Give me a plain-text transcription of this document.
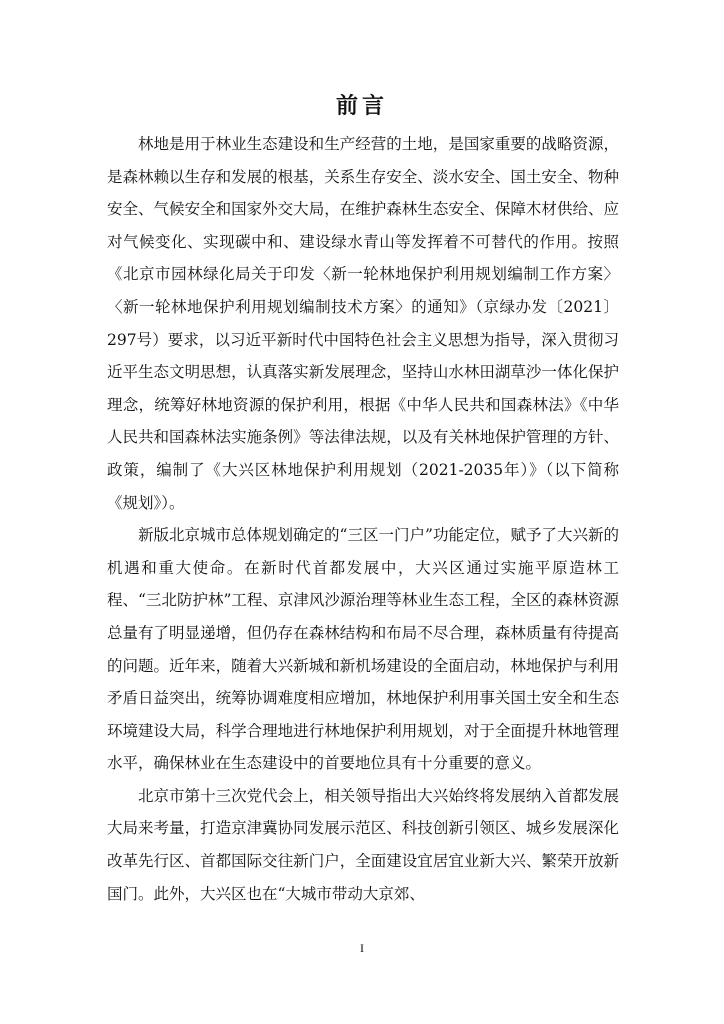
前言

林地是用于林业生态建设和生产经营的土地，是国家重要的战略资源，是森林赖以生存和发展的根基，关系生存安全、淡水安全、国土安全、物种安全、气候安全和国家外交大局，在维护森林生态安全、保障木材供给、应对气候变化、实现碳中和、建设绿水青山等发挥着不可替代的作用。按照《北京市园林绿化局关于印发〈新一轮林地保护利用规划编制工作方案〉〈新一轮林地保护利用规划编制技术方案〉的通知》（京绿办发〔2021〕297号）要求，以习近平新时代中国特色社会主义思想为指导，深入贯彻习近平生态文明思想，认真落实新发展理念，坚持山水林田湖草沙一体化保护理念，统筹好林地资源的保护利用，根据《中华人民共和国森林法》《中华人民共和国森林法实施条例》等法律法规，以及有关林地保护管理的方针、政策，编制了《大兴区林地保护利用规划（2021-2035年）》（以下简称《规划》）。

新版北京城市总体规划确定的“三区一门户”功能定位，赋予了大兴新的机遇和重大使命。在新时代首都发展中，大兴区通过实施平原造林工程、“三北防护林”工程、京津风沙源治理等林业生态工程，全区的森林资源总量有了明显递增，但仍存在森林结构和布局不尽合理，森林质量有待提高的问题。近年来，随着大兴新城和新机场建设的全面启动，林地保护与利用矛盾日益突出，统筹协调难度相应增加，林地保护利用事关国土安全和生态环境建设大局，科学合理地进行林地保护利用规划，对于全面提升林地管理水平，确保林业在生态建设中的首要地位具有十分重要的意义。

北京市第十三次党代会上，相关领导指出大兴始终将发展纳入首都发展大局来考量，打造京津冀协同发展示范区、科技创新引领区、城乡发展深化改革先行区、首都国际交往新门户，全面建设宜居宜业新大兴、繁荣开放新国门。此外，大兴区也在“大城市带动大京郊、

I
